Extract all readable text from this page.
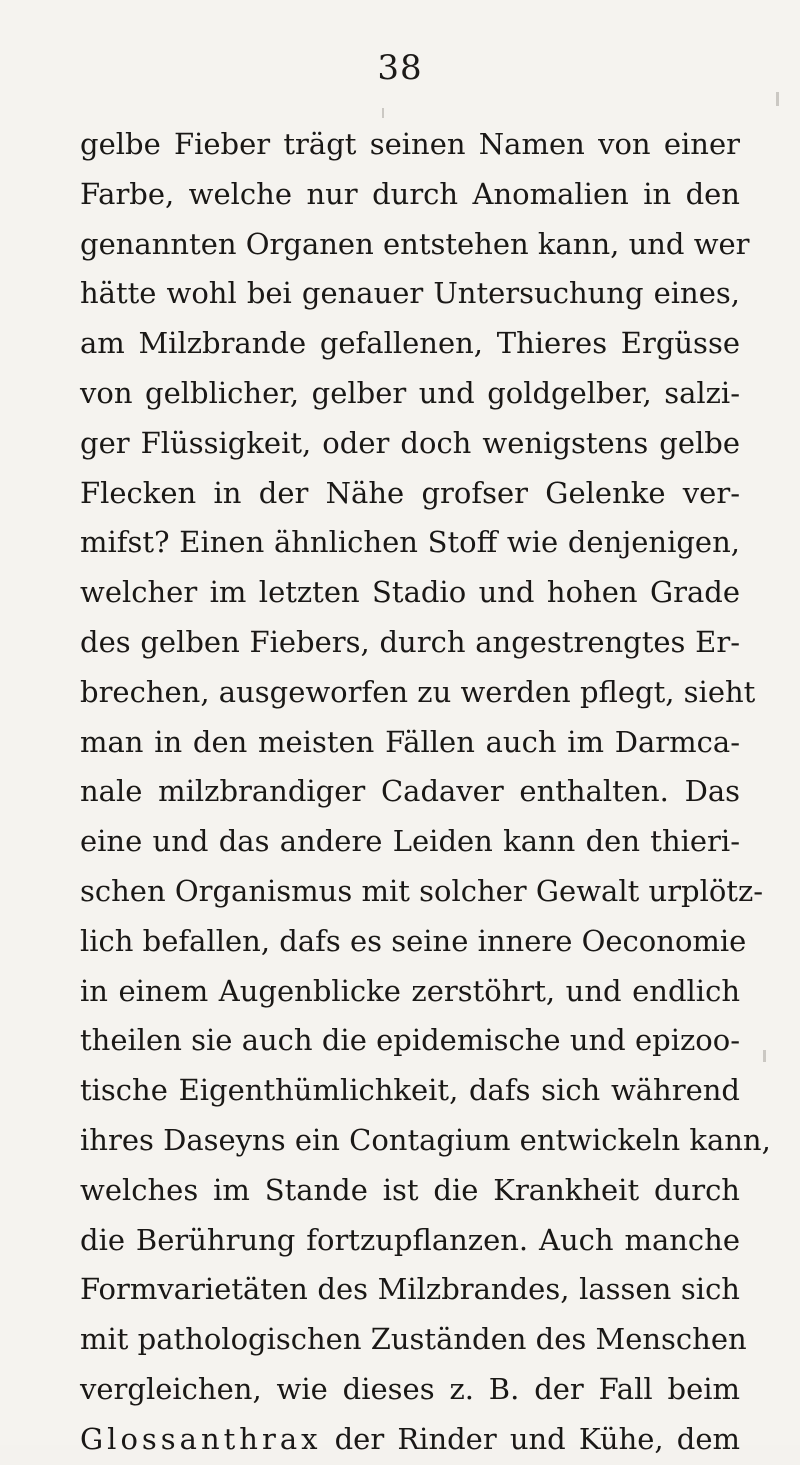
38
gelbe Fieber trägt seinen Namen von einer
Farbe, welche nur durch Anomalien in den
genannten Organen entstehen kann, und wer
hätte wohl bei genauer Untersuchung eines,
am Milzbrande gefallenen, Thieres Ergüsse
von gelblicher, gelber und goldgelber, salzi-
ger Flüssigkeit, oder doch wenigstens gelbe
Flecken in der Nähe grofser Gelenke ver-
mifst? Einen ähnlichen Stoff wie denjenigen,
welcher im letzten Stadio und hohen Grade
des gelben Fiebers, durch angestrengtes Er-
brechen, ausgeworfen zu werden pflegt, sieht
man in den meisten Fällen auch im Darmca-
nale milzbrandiger Cadaver enthalten. Das
eine und das andere Leiden kann den thieri-
schen Organismus mit solcher Gewalt urplötz-
lich befallen, dafs es seine innere Oeconomie
in einem Augenblicke zerstöhrt, und endlich
theilen sie auch die epidemische und epizoo-
tische Eigenthümlichkeit, dafs sich während
ihres Daseyns ein Contagium entwickeln kann,
welches im Stande ist die Krankheit durch
die Berührung fortzupflanzen. Auch manche
Formvarietäten des Milzbrandes, lassen sich
mit pathologischen Zuständen des Menschen
vergleichen, wie dieses z. B. der Fall beim
Glossanthrax der Rinder und Kühe, dem
